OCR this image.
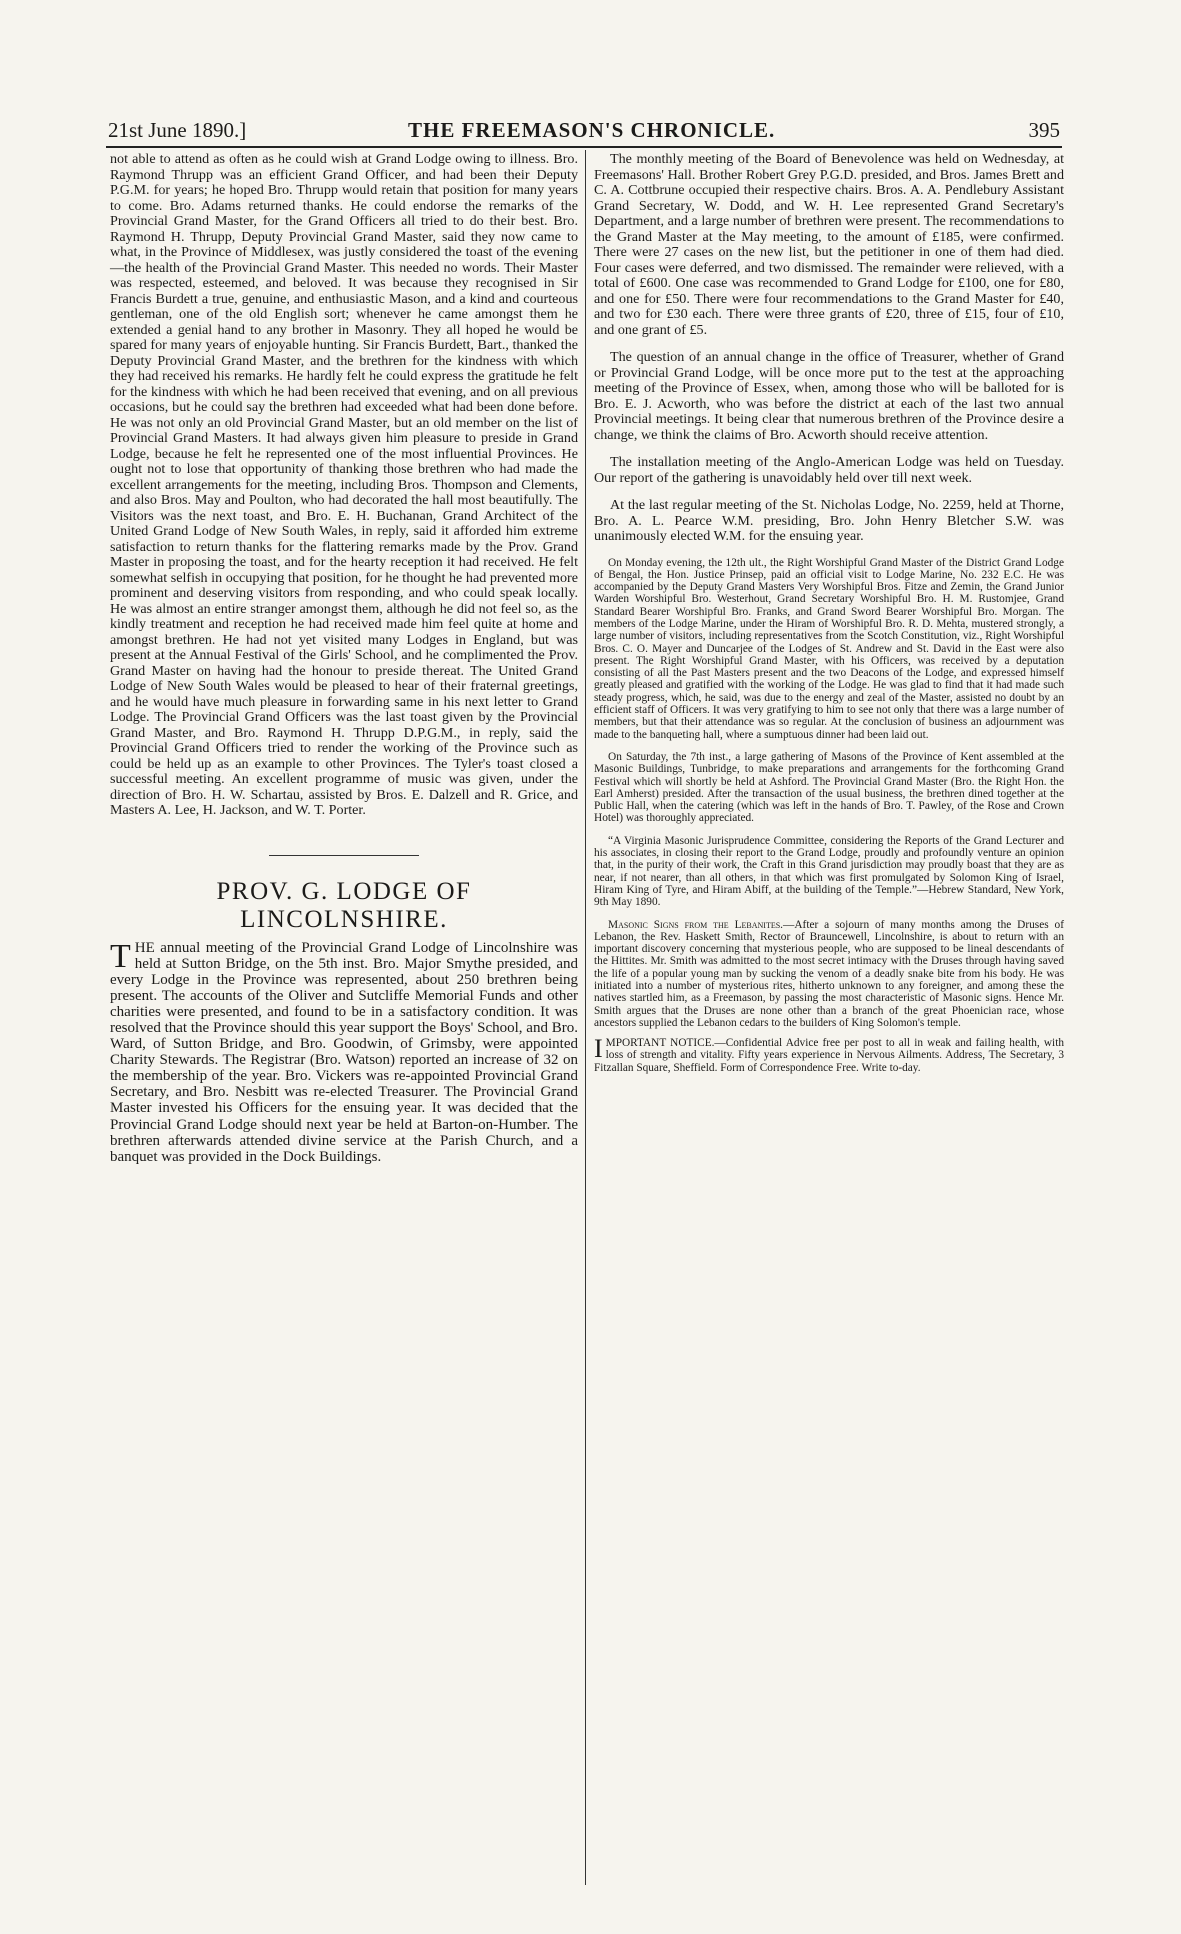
21st June 1890.]	THE FREEMASON'S CHRONICLE.	395

not able to attend as often as he could wish at Grand Lodge owing to illness. Bro. Raymond Thrupp was an efficient Grand Officer, and had been their Deputy P.G.M. for years; he hoped Bro. Thrupp would retain that position for many years to come. Bro. Adams returned thanks. He could endorse the remarks of the Provincial Grand Master, for the Grand Officers all tried to do their best. Bro. Raymond H. Thrupp, Deputy Provincial Grand Master, said they now came to what, in the Province of Middlesex, was justly considered the toast of the evening—the health of the Provincial Grand Master. This needed no words. Their Master was respected, esteemed, and beloved. It was because they recognised in Sir Francis Burdett a true, genuine, and enthusiastic Mason, and a kind and courteous gentleman, one of the old English sort; whenever he came amongst them he extended a genial hand to any brother in Masonry. They all hoped he would be spared for many years of enjoyable hunting. Sir Francis Burdett, Bart., thanked the Deputy Provincial Grand Master, and the brethren for the kindness with which they had received his remarks. He hardly felt he could express the gratitude he felt for the kindness with which he had been received that evening, and on all previous occasions, but he could say the brethren had exceeded what had been done before. He was not only an old Provincial Grand Master, but an old member on the list of Provincial Grand Masters. It had always given him pleasure to preside in Grand Lodge, because he felt he represented one of the most influential Provinces. He ought not to lose that opportunity of thanking those brethren who had made the excellent arrangements for the meeting, including Bros. Thompson and Clements, and also Bros. May and Poulton, who had decorated the hall most beautifully. The Visitors was the next toast, and Bro. E. H. Buchanan, Grand Architect of the United Grand Lodge of New South Wales, in reply, said it afforded him extreme satisfaction to return thanks for the flattering remarks made by the Prov. Grand Master in proposing the toast, and for the hearty reception it had received. He felt somewhat selfish in occupying that position, for he thought he had prevented more prominent and deserving visitors from responding, and who could speak locally. He was almost an entire stranger amongst them, although he did not feel so, as the kindly treatment and reception he had received made him feel quite at home and amongst brethren. He had not yet visited many Lodges in England, but was present at the Annual Festival of the Girls' School, and he complimented the Prov. Grand Master on having had the honour to preside thereat. The United Grand Lodge of New South Wales would be pleased to hear of their fraternal greetings, and he would have much pleasure in forwarding same in his next letter to Grand Lodge. The Provincial Grand Officers was the last toast given by the Provincial Grand Master, and Bro. Raymond H. Thrupp D.P.G.M., in reply, said the Provincial Grand Officers tried to render the working of the Province such as could be held up as an example to other Provinces. The Tyler's toast closed a successful meeting. An excellent programme of music was given, under the direction of Bro. H. W. Schartau, assisted by Bros. E. Dalzell and R. Grice, and Masters A. Lee, H. Jackson, and W. T. Porter.

PROV. G. LODGE OF LINCOLNSHIRE.

THE annual meeting of the Provincial Grand Lodge of Lincolnshire was held at Sutton Bridge, on the 5th inst. Bro. Major Smythe presided, and every Lodge in the Province was represented, about 250 brethren being present. The accounts of the Oliver and Sutcliffe Memorial Funds and other charities were presented, and found to be in a satisfactory condition. It was resolved that the Province should this year support the Boys' School, and Bro. Ward, of Sutton Bridge, and Bro. Goodwin, of Grimsby, were appointed Charity Stewards. The Registrar (Bro. Watson) reported an increase of 32 on the membership of the year. Bro. Vickers was re-appointed Provincial Grand Secretary, and Bro. Nesbitt was re-elected Treasurer. The Provincial Grand Master invested his Officers for the ensuing year. It was decided that the Provincial Grand Lodge should next year be held at Barton-on-Humber. The brethren afterwards attended divine service at the Parish Church, and a banquet was provided in the Dock Buildings.

The monthly meeting of the Board of Benevolence was held on Wednesday, at Freemasons' Hall. Brother Robert Grey P.G.D. presided, and Bros. James Brett and C. A. Cottbrune occupied their respective chairs. Bros. A. A. Pendlebury Assistant Grand Secretary, W. Dodd, and W. H. Lee represented Grand Secretary's Department, and a large number of brethren were present. The recommendations to the Grand Master at the May meeting, to the amount of £185, were confirmed. There were 27 cases on the new list, but the petitioner in one of them had died. Four cases were deferred, and two dismissed. The remainder were relieved, with a total of £600. One case was recommended to Grand Lodge for £100, one for £80, and one for £50. There were four recommendations to the Grand Master for £40, and two for £30 each. There were three grants of £20, three of £15, four of £10, and one grant of £5.

The question of an annual change in the office of Treasurer, whether of Grand or Provincial Grand Lodge, will be once more put to the test at the approaching meeting of the Province of Essex, when, among those who will be balloted for is Bro. E. J. Acworth, who was before the district at each of the last two annual Provincial meetings. It being clear that numerous brethren of the Province desire a change, we think the claims of Bro. Acworth should receive attention.

The installation meeting of the Anglo-American Lodge was held on Tuesday. Our report of the gathering is unavoidably held over till next week.

At the last regular meeting of the St. Nicholas Lodge, No. 2259, held at Thorne, Bro. A. L. Pearce W.M. presiding, Bro. John Henry Bletcher S.W. was unanimously elected W.M. for the ensuing year.

On Monday evening, the 12th ult., the Right Worshipful Grand Master of the District Grand Lodge of Bengal, the Hon. Justice Prinsep, paid an official visit to Lodge Marine, No. 232 E.C. He was accompanied by the Deputy Grand Masters Very Worshipful Bros. Fitze and Zemin, the Grand Junior Warden Worshipful Bro. Westerhout, Grand Secretary Worshipful Bro. H. M. Rustomjee, Grand Standard Bearer Worshipful Bro. Franks, and Grand Sword Bearer Worshipful Bro. Morgan. The members of the Lodge Marine, under the Hiram of Worshipful Bro. R. D. Mehta, mustered strongly, a large number of visitors, including representatives from the Scotch Constitution, viz., Right Worshipful Bros. C. O. Mayer and Duncarjee of the Lodges of St. Andrew and St. David in the East were also present. The Right Worshipful Grand Master, with his Officers, was received by a deputation consisting of all the Past Masters present and the two Deacons of the Lodge, and expressed himself greatly pleased and gratified with the working of the Lodge. He was glad to find that it had made such steady progress, which, he said, was due to the energy and zeal of the Master, assisted no doubt by an efficient staff of Officers. It was very gratifying to him to see not only that there was a large number of members, but that their attendance was so regular. At the conclusion of business an adjournment was made to the banqueting hall, where a sumptuous dinner had been laid out.

On Saturday, the 7th inst., a large gathering of Masons of the Province of Kent assembled at the Masonic Buildings, Tunbridge, to make preparations and arrangements for the forthcoming Grand Festival which will shortly be held at Ashford. The Provincial Grand Master (Bro. the Right Hon. the Earl Amherst) presided. After the transaction of the usual business, the brethren dined together at the Public Hall, when the catering (which was left in the hands of Bro. T. Pawley, of the Rose and Crown Hotel) was thoroughly appreciated.

“A Virginia Masonic Jurisprudence Committee, considering the Reports of the Grand Lecturer and his associates, in closing their report to the Grand Lodge, proudly and profoundly venture an opinion that, in the purity of their work, the Craft in this Grand jurisdiction may proudly boast that they are as near, if not nearer, than all others, in that which was first promulgated by Solomon King of Israel, Hiram King of Tyre, and Hiram Abiff, at the building of the Temple.”—Hebrew Standard, New York, 9th May 1890.

Masonic Signs from the Lebanites.—After a sojourn of many months among the Druses of Lebanon, the Rev. Haskett Smith, Rector of Brauncewell, Lincolnshire, is about to return with an important discovery concerning that mysterious people, who are supposed to be lineal descendants of the Hittites. Mr. Smith was admitted to the most secret intimacy with the Druses through having saved the life of a popular young man by sucking the venom of a deadly snake bite from his body. He was initiated into a number of mysterious rites, hitherto unknown to any foreigner, and among these the natives startled him, as a Freemason, by passing the most characteristic of Masonic signs. Hence Mr. Smith argues that the Druses are none other than a branch of the great Phoenician race, whose ancestors supplied the Lebanon cedars to the builders of King Solomon's temple.

IMPORTANT NOTICE.—Confidential Advice free per post to all in weak and failing health, with loss of strength and vitality. Fifty years experience in Nervous Ailments. Address, The Secretary, 3 Fitzallan Square, Sheffield. Form of Correspondence Free. Write to-day.
